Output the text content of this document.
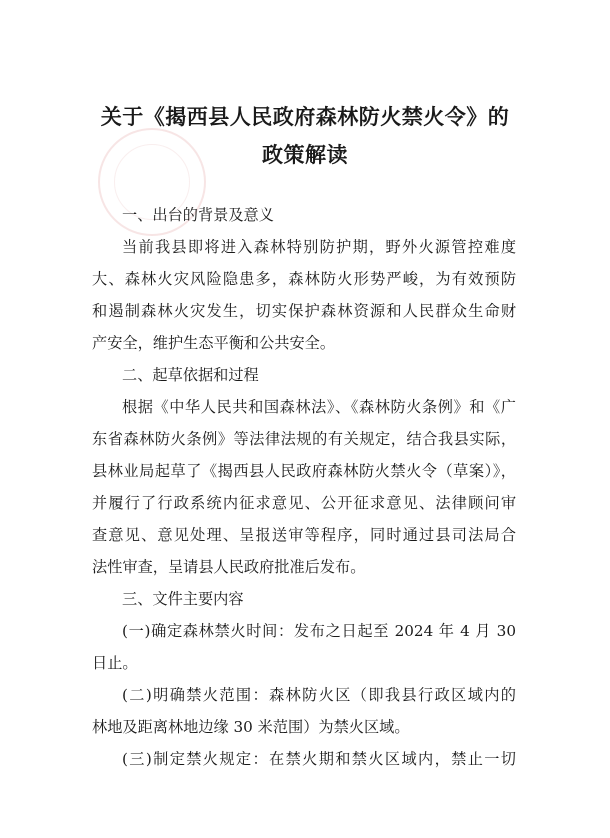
关于《揭西县人民政府森林防火禁火令》的
政策解读
一、出台的背景及意义
当前我县即将进入森林特别防护期，野外火源管控难度
大、森林火灾风险隐患多，森林防火形势严峻，为有效预防
和遏制森林火灾发生，切实保护森林资源和人民群众生命财
产安全，维护生态平衡和公共安全。
二、起草依据和过程
根据《中华人民共和国森林法》、《森林防火条例》和《广
东省森林防火条例》等法律法规的有关规定，结合我县实际，
县林业局起草了《揭西县人民政府森林防火禁火令（草案）》，
并履行了行政系统内征求意见、公开征求意见、法律顾问审
查意见、意见处理、呈报送审等程序，同时通过县司法局合
法性审查，呈请县人民政府批准后发布。
三、文件主要内容
(一)确定森林禁火时间：发布之日起至 2024 年 4 月 30
日止。
(二)明确禁火范围：森林防火区（即我县行政区域内的
林地及距离林地边缘 30 米范围）为禁火区域。
(三)制定禁火规定：在禁火期和禁火区域内，禁止一切
